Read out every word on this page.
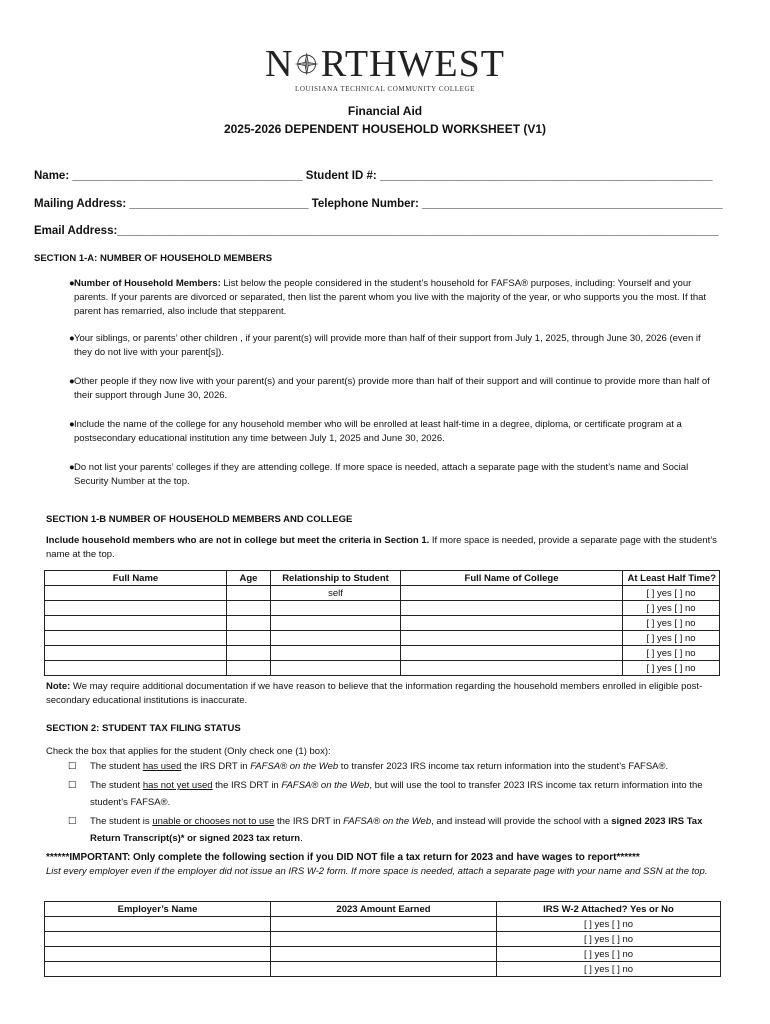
N RTHWEST
LOUISIANA TECHNICAL COMMUNITY COLLEGE
Financial Aid
2025-2026 DEPENDENT HOUSEHOLD WORKSHEET (V1)
Name: ____________________________________ Student ID #: ____________________________________________________
Mailing Address: ____________________________ Telephone Number: _______________________________________________
Email Address:______________________________________________________________________________________________
SECTION 1-A: NUMBER OF HOUSEHOLD MEMBERS
● Number of Household Members: List below the people considered in the student’s household for FAFSA® purposes, including: Yourself and your parents. If your parents are divorced or separated, then list the parent whom you live with the majority of the year, or who supports you the most. If that parent has remarried, also include that stepparent.
● Your siblings, or parents’ other children , if your parent(s) will provide more than half of their support from July 1, 2025, through June 30, 2026 (even if they do not live with your parent[s]).
● Other people if they now live with your parent(s) and your parent(s) provide more than half of their support and will continue to provide more than half of their support through June 30, 2026.
● Include the name of the college for any household member who will be enrolled at least half-time in a degree, diploma, or certificate program at a postsecondary educational institution any time between July 1, 2025 and June 30, 2026.
● Do not list your parents’ colleges if they are attending college. If more space is needed, attach a separate page with the student’s name and Social Security Number at the top.
SECTION 1-B NUMBER OF HOUSEHOLD MEMBERS AND COLLEGE
Include household members who are not in college but meet the criteria in Section 1. If more space is needed, provide a separate page with the student’s name at the top.
Full Name	Age	Relationship to Student	Full Name of College	At Least Half Time?
		self		[ ] yes [ ] no
				[ ] yes [ ] no
				[ ] yes [ ] no
				[ ] yes [ ] no
				[ ] yes [ ] no
				[ ] yes [ ] no
Note: We may require additional documentation if we have reason to believe that the information regarding the household members enrolled in eligible post-secondary educational institutions is inaccurate.
SECTION 2: STUDENT TAX FILING STATUS
Check the box that applies for the student (Only check one (1) box):
☐	The student has used the IRS DRT in FAFSA® on the Web to transfer 2023 IRS income tax return information into the student’s FAFSA®.
☐	The student has not yet used the IRS DRT in FAFSA® on the Web, but will use the tool to transfer 2023 IRS income tax return information into the student’s FAFSA®.
☐	The student is unable or chooses not to use the IRS DRT in FAFSA® on the Web, and instead will provide the school with a signed 2023 IRS Tax Return Transcript(s)* or signed 2023 tax return.
******IMPORTANT: Only complete the following section if you DID NOT file a tax return for 2023 and have wages to report******
List every employer even if the employer did not issue an IRS W-2 form. If more space is needed, attach a separate page with your name and SSN at the top.
Employer’s Name	2023 Amount Earned	IRS W-2 Attached? Yes or No
		[ ] yes [ ] no
		[ ] yes [ ] no
		[ ] yes [ ] no
		[ ] yes [ ] no
